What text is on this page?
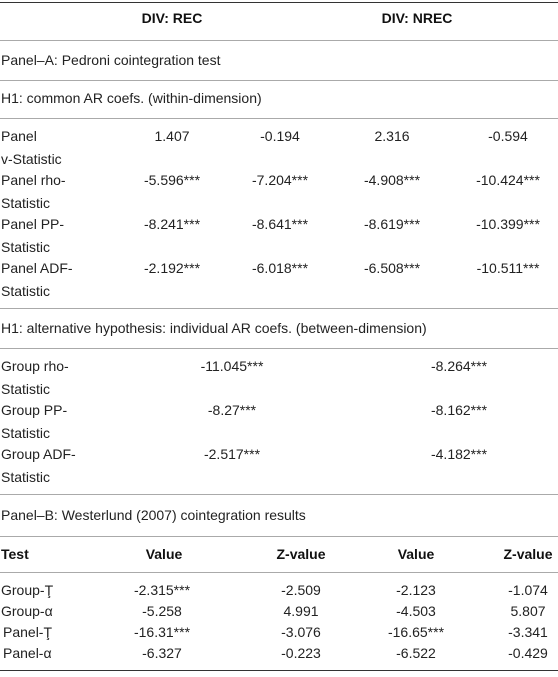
DIV: REC	DIV: NREC
Panel–A: Pedroni cointegration test
H1: common AR coefs. (within-dimension)
Panel
v-Statistic
1.407	-0.194	2.316	-0.594
Panel rho-
Statistic
-5.596***	-7.204***	-4.908***	-10.424***
Panel PP-
Statistic
-8.241***	-8.641***	-8.619***	-10.399***
Panel ADF-
Statistic
-2.192***	-6.018***	-6.508***	-10.511***
H1: alternative hypothesis: individual AR coefs. (between-dimension)
Group rho-
Statistic
-11.045***	-8.264***
Group PP-
Statistic
-8.27***	-8.162***
Group ADF-
Statistic
-2.517***	-4.182***
Panel–B: Westerlund (2007) cointegration results
Test	Value	Z-value	Value	Z-value
Group-Ţ	-2.315***	-2.509	-2.123	-1.074
Group-α	-5.258	4.991	-4.503	5.807
Panel-Ţ	-16.31***	-3.076	-16.65***	-3.341
Panel-α	-6.327	-0.223	-6.522	-0.429
